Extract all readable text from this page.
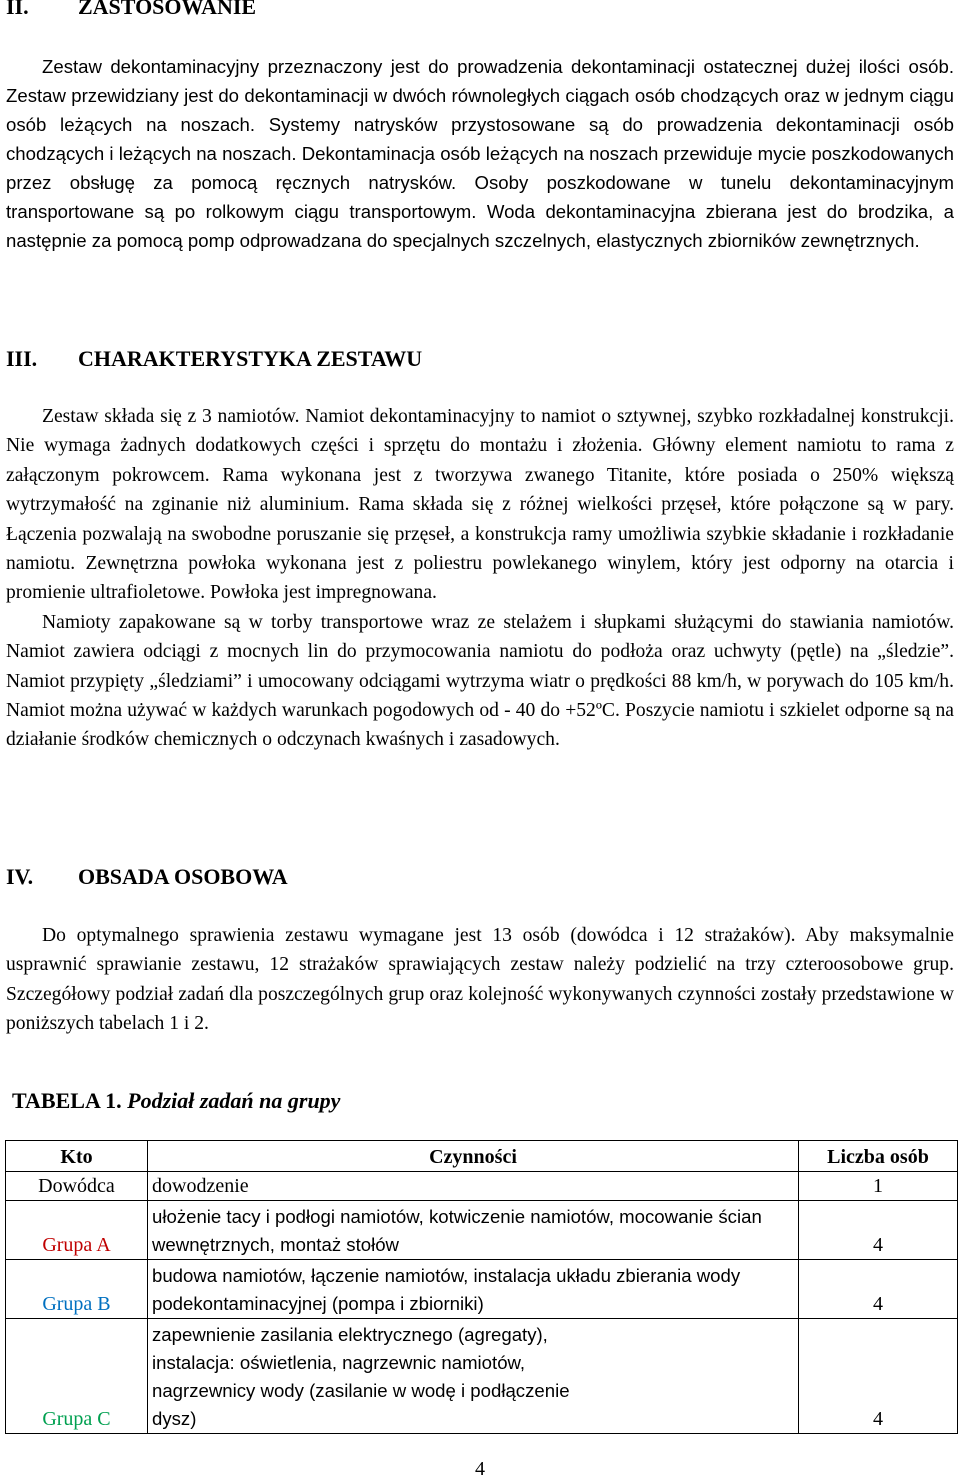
II. ZASTOSOWANIE

Zestaw dekontaminacyjny przeznaczony jest do prowadzenia dekontaminacji ostatecznej dużej ilości osób. Zestaw przewidziany jest do dekontaminacji w dwóch równoległych ciągach osób chodzących oraz w jednym ciągu osób leżących na noszach. Systemy natrysków przystosowane są do prowadzenia dekontaminacji osób chodzących i leżących na noszach. Dekontaminacja osób leżących na noszach przewiduje mycie poszkodowanych przez obsługę za pomocą ręcznych natrysków. Osoby poszkodowane w tunelu dekontaminacyjnym transportowane są po rolkowym ciągu transportowym. Woda dekontaminacyjna zbierana jest do brodzika, a następnie za pomocą pomp odprowadzana do specjalnych szczelnych, elastycznych zbiorników zewnętrznych.

III. CHARAKTERYSTYKA ZESTAWU

Zestaw składa się z 3 namiotów. Namiot dekontaminacyjny to namiot o sztywnej, szybko rozkładalnej konstrukcji. Nie wymaga żadnych dodatkowych części i sprzętu do montażu i złożenia. Główny element namiotu to rama z załączonym pokrowcem. Rama wykonana jest z tworzywa zwanego Titanite, które posiada o 250% większą wytrzymałość na zginanie niż aluminium. Rama składa się z różnej wielkości przęseł, które połączone są w pary. Łączenia pozwalają na swobodne poruszanie się przęseł, a konstrukcja ramy umożliwia szybkie składanie i rozkładanie namiotu. Zewnętrzna powłoka wykonana jest z poliestru powlekanego winylem, który jest odporny na otarcia i promienie ultrafioletowe. Powłoka jest impregnowana.

Namioty zapakowane są w torby transportowe wraz ze stelażem i słupkami służącymi do stawiania namiotów. Namiot zawiera odciągi z mocnych lin do przymocowania namiotu do podłoża oraz uchwyty (pętle) na „śledzie”. Namiot przypięty „śledziami” i umocowany odciągami wytrzyma wiatr o prędkości 88 km/h, w porywach do 105 km/h. Namiot można używać w każdych warunkach pogodowych od - 40 do +52ºC. Poszycie namiotu i szkielet odporne są na działanie środków chemicznych o odczynach kwaśnych i zasadowych.

IV. OBSADA OSOBOWA

Do optymalnego sprawienia zestawu wymagane jest 13 osób (dowódca i 12 strażaków). Aby maksymalnie usprawnić sprawianie zestawu, 12 strażaków sprawiających zestaw należy podzielić na trzy czteroosobowe grup. Szczegółowy podział zadań dla poszczególnych grup oraz kolejność wykonywanych czynności zostały przedstawione w poniższych tabelach 1 i 2.

TABELA 1. Podział zadań na grupy
Kto	Czynności	Liczba osób
Dowódca	dowodzenie	1
Grupa A	ułożenie tacy i podłogi namiotów, kotwiczenie namiotów, mocowanie ścian wewnętrznych, montaż stołów	4
Grupa B	budowa namiotów, łączenie namiotów, instalacja układu zbierania wody podekontaminacyjnej (pompa i zbiorniki)	4
Grupa C	zapewnienie zasilania elektrycznego (agregaty), instalacja: oświetlenia, nagrzewnic namiotów, nagrzewnicy wody (zasilanie w wodę i podłączenie dysz)	4
4
